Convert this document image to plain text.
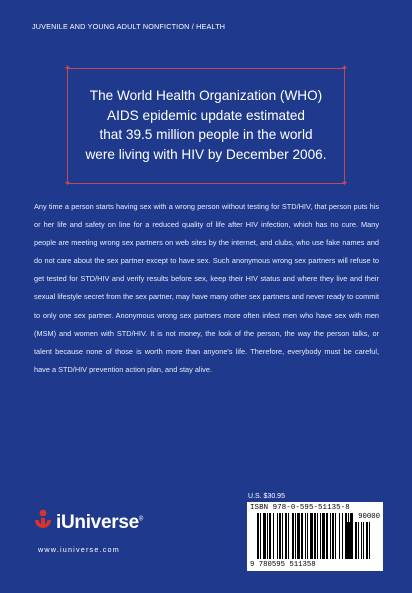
JUVENILE AND YOUNG ADULT NONFICTION / HEALTH
✦	✦
✦	✦
The World Health Organization (WHO)
AIDS epidemic update estimated
that 39.5 million people in the world
were living with HIV by December 2006.
Any time a person starts having sex with a wrong person without testing for STD/HIV, that person puts his or her life and safety on line for a reduced quality of life after HIV infection, which has no cure. Many people are meeting wrong sex partners on web sites by the internet, and clubs, who use fake names and do not care about the sex partner except to have sex. Such anonymous wrong sex partners will refuse to get tested for STD/HIV and verify results before sex, keep their HIV status and where they live and their sexual lifestyle secret from the sex partner, may have many other sex partners and never ready to commit to only one sex partner. Anonymous wrong sex partners more often infect men who have sex with men (MSM) and women with STD/HIV. It is not money, the look of the person, the way the person talks, or talent because none of those is worth more than anyone's life. Therefore, everybody must be careful, have a STD/HIV prevention action plan, and stay alive.
iUniverse®
www.iuniverse.com
U.S. $30.95
ISBN 978-0-595-51135-8
90000
9 780595 511358
